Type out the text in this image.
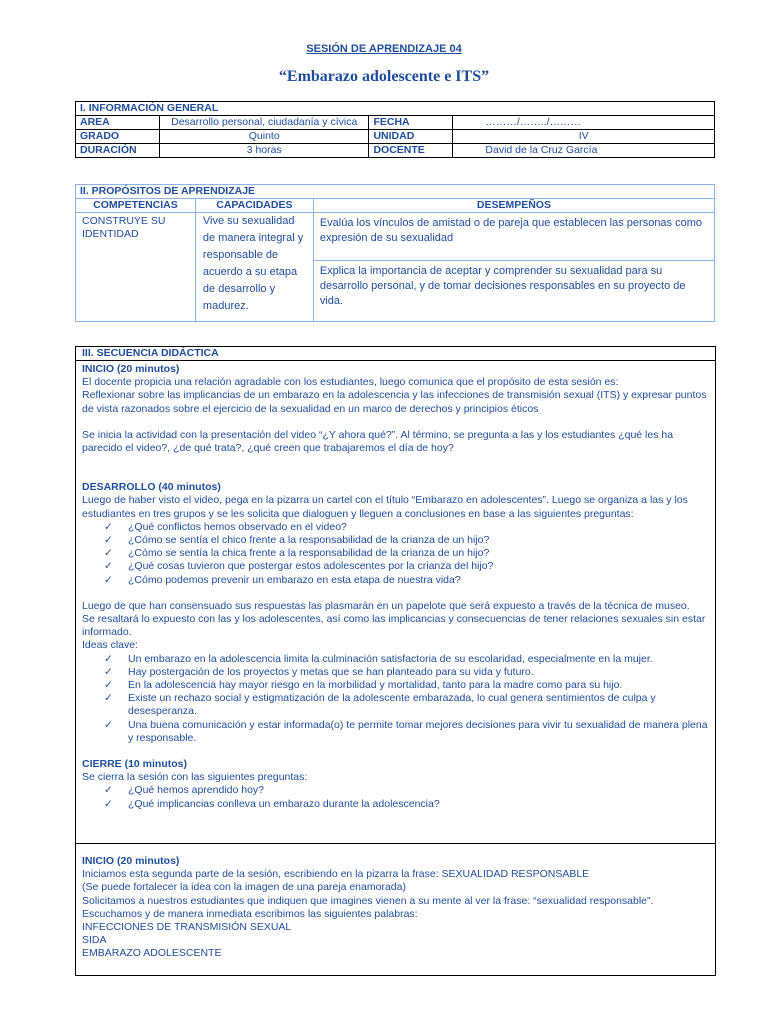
SESIÓN DE APRENDIZAJE 04
“Embarazo adolescente e ITS”
I. INFORMACIÓN GENERAL			
AREA	Desarrollo personal, ciudadanía y cívica	FECHA	………/……../………
GRADO	Quinto	UNIDAD	IV
DURACIÓN	3 horas	DOCENTE	David de la Cruz García
II. PROPÓSITOS DE APRENDIZAJE		
COMPETENCIAS	CAPACIDADES	DESEMPEÑOS
CONSTRUYE SU IDENTIDAD	Vive su sexualidad de manera integral y responsable de acuerdo a su etapa de desarrollo y madurez.	Evalúa los vínculos de amistad o de pareja que establecen las personas como expresión de su sexualidad
		Explica la importancia de aceptar y comprender su sexualidad para su desarrollo personal, y de tomar decisiones responsables en su proyecto de vida.
III. SECUENCIA DIDÁCTICA

INICIO (20 minutos)

El docente propicia una relación agradable con los estudiantes, luego comunica que el propósito de esta sesión es:

Reflexionar sobre las implicancias de un embarazo en la adolescencia y las infecciones de transmisión sexual (ITS) y expresar puntos de vista razonados sobre el ejercicio de la sexualidad en un marco de derechos y principios éticos

Se inicia la actividad con la presentación del video “¿Y ahora qué?”. Al término, se pregunta a las y los estudiantes ¿qué les ha parecido el video?, ¿de qué trata?, ¿qué creen que trabajaremos el día de hoy?

DESARROLLO (40 minutos)

Luego de haber visto el video, pega en la pizarra un cartel con el título “Embarazo en adolescentes”. Luego se organiza a las y los estudiantes en tres grupos y se les solicita que dialoguen y lleguen a conclusiones en base a las siguientes preguntas:

✓	¿Qué conflictos hemos observado en el video?
✓	¿Cómo se sentía el chico frente a la responsabilidad de la crianza de un hijo?
✓	¿Cómo se sentía la chica frente a la responsabilidad de la crianza de un hijo?
✓	¿Qué cosas tuvieron que postergar estos adolescentes por la crianza del hijo?
✓	¿Cómo podemos prevenir un embarazo en esta etapa de nuestra vida?

Luego de que han consensuado sus respuestas las plasmarán en un papelote que será expuesto a través de la técnica de museo.

Se resaltará lo expuesto con las y los adolescentes, así como las implicancias y consecuencias de tener relaciones sexuales sin estar informado.

Ideas clave:

✓	Un embarazo en la adolescencia limita la culminación satisfactoria de su escolaridad, especialmente en la mujer.
✓	Hay postergación de los proyectos y metas que se han planteado para su vida y futuro.
✓	En la adolescencia hay mayor riesgo en la morbilidad y mortalidad, tanto para la madre como para su hijo.
✓	Existe un rechazo social y estigmatización de la adolescente embarazada, lo cual genera sentimientos de culpa y desesperanza.
✓	Una buena comunicación y estar informada(o) te permite tomar mejores decisiones para vivir tu sexualidad de manera plena y responsable.

CIERRE (10 minutos)

Se cierra la sesión con las siguientes preguntas:

✓	¿Qué hemos aprendido hoy?
✓	¿Qué implicancias conlleva un embarazo durante la adolescencia?

INICIO (20 minutos)

Iniciamos esta segunda parte de la sesión, escribiendo en la pizarra la frase: SEXUALIDAD RESPONSABLE

(Se puede fortalecer la idea con la imagen de una pareja enamorada)

Solicitamos a nuestros estudiantes que indiquen que imagines vienen a su mente al ver la frase: “sexualidad responsable”.

Escuchamos y de manera inmediata escribimos las siguientes palabras:

INFECCIONES DE TRANSMISIÓN SEXUAL

SIDA

EMBARAZO ADOLESCENTE
